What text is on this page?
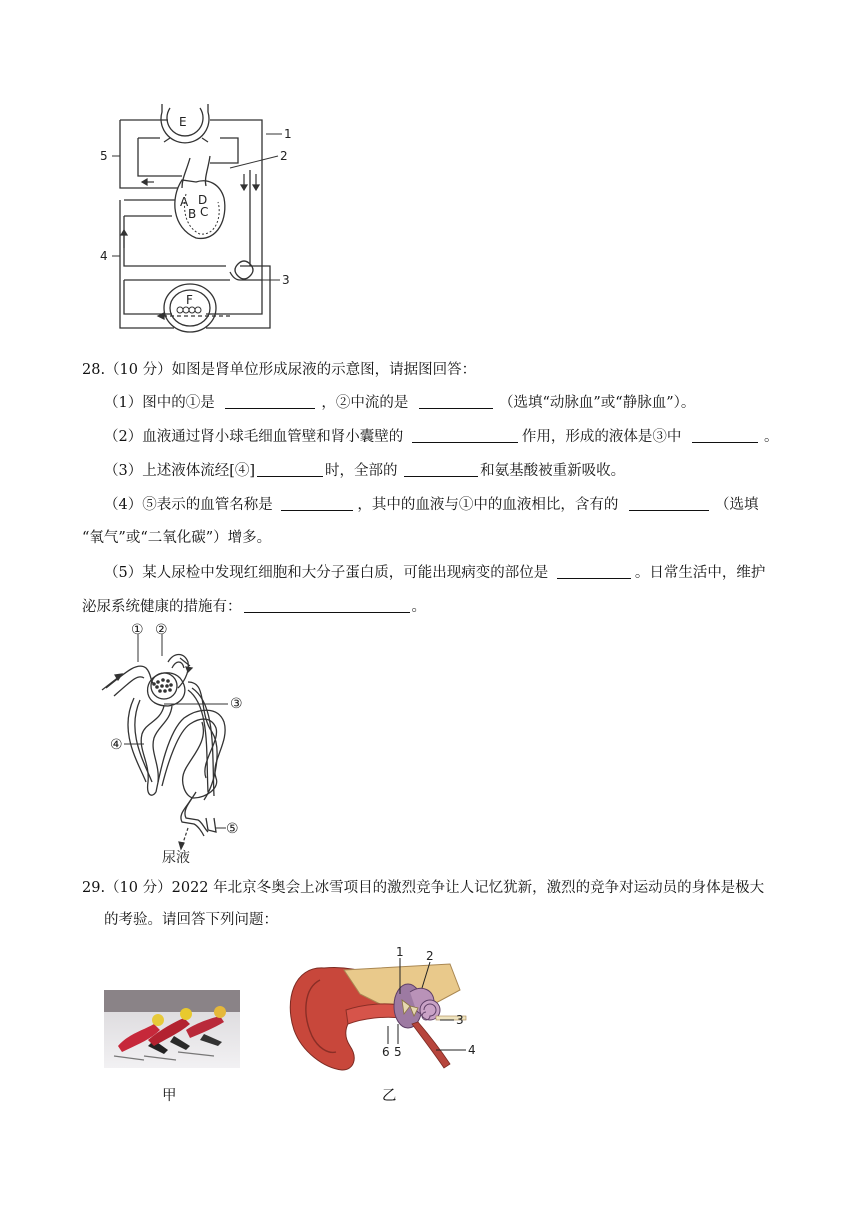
E
F
A
B C
D
1
2
3
4
5
28.（10 分）如图是肾单位形成尿液的示意图，请据图回答：
（1）图中的①是	，②中流的是	（选填“动脉血”或“静脉血”）。
（2）血液通过肾小球毛细血管壁和肾小囊壁的	作用，形成的液体是③中	。
（3）上述液体流经[④]	时，全部的	和氨基酸被重新吸收。
（4）⑤表示的血管名称是	，其中的血液与①中的血液相比，含有的	（选填
“氧气”或“二氧化碳”）增多。
（5）某人尿检中发现红细胞和大分子蛋白质，可能出现病变的部位是	。日常生活中，维护
泌尿系统健康的措施有：	。
① ②
③
④
⑤
尿液
29.（10 分）2022 年北京冬奥会上冰雪项目的激烈竞争让人记忆犹新，激烈的竞争对运动员的身体是极大
的考验。请回答下列问题：
甲
1 2
3
4
5
6
乙
